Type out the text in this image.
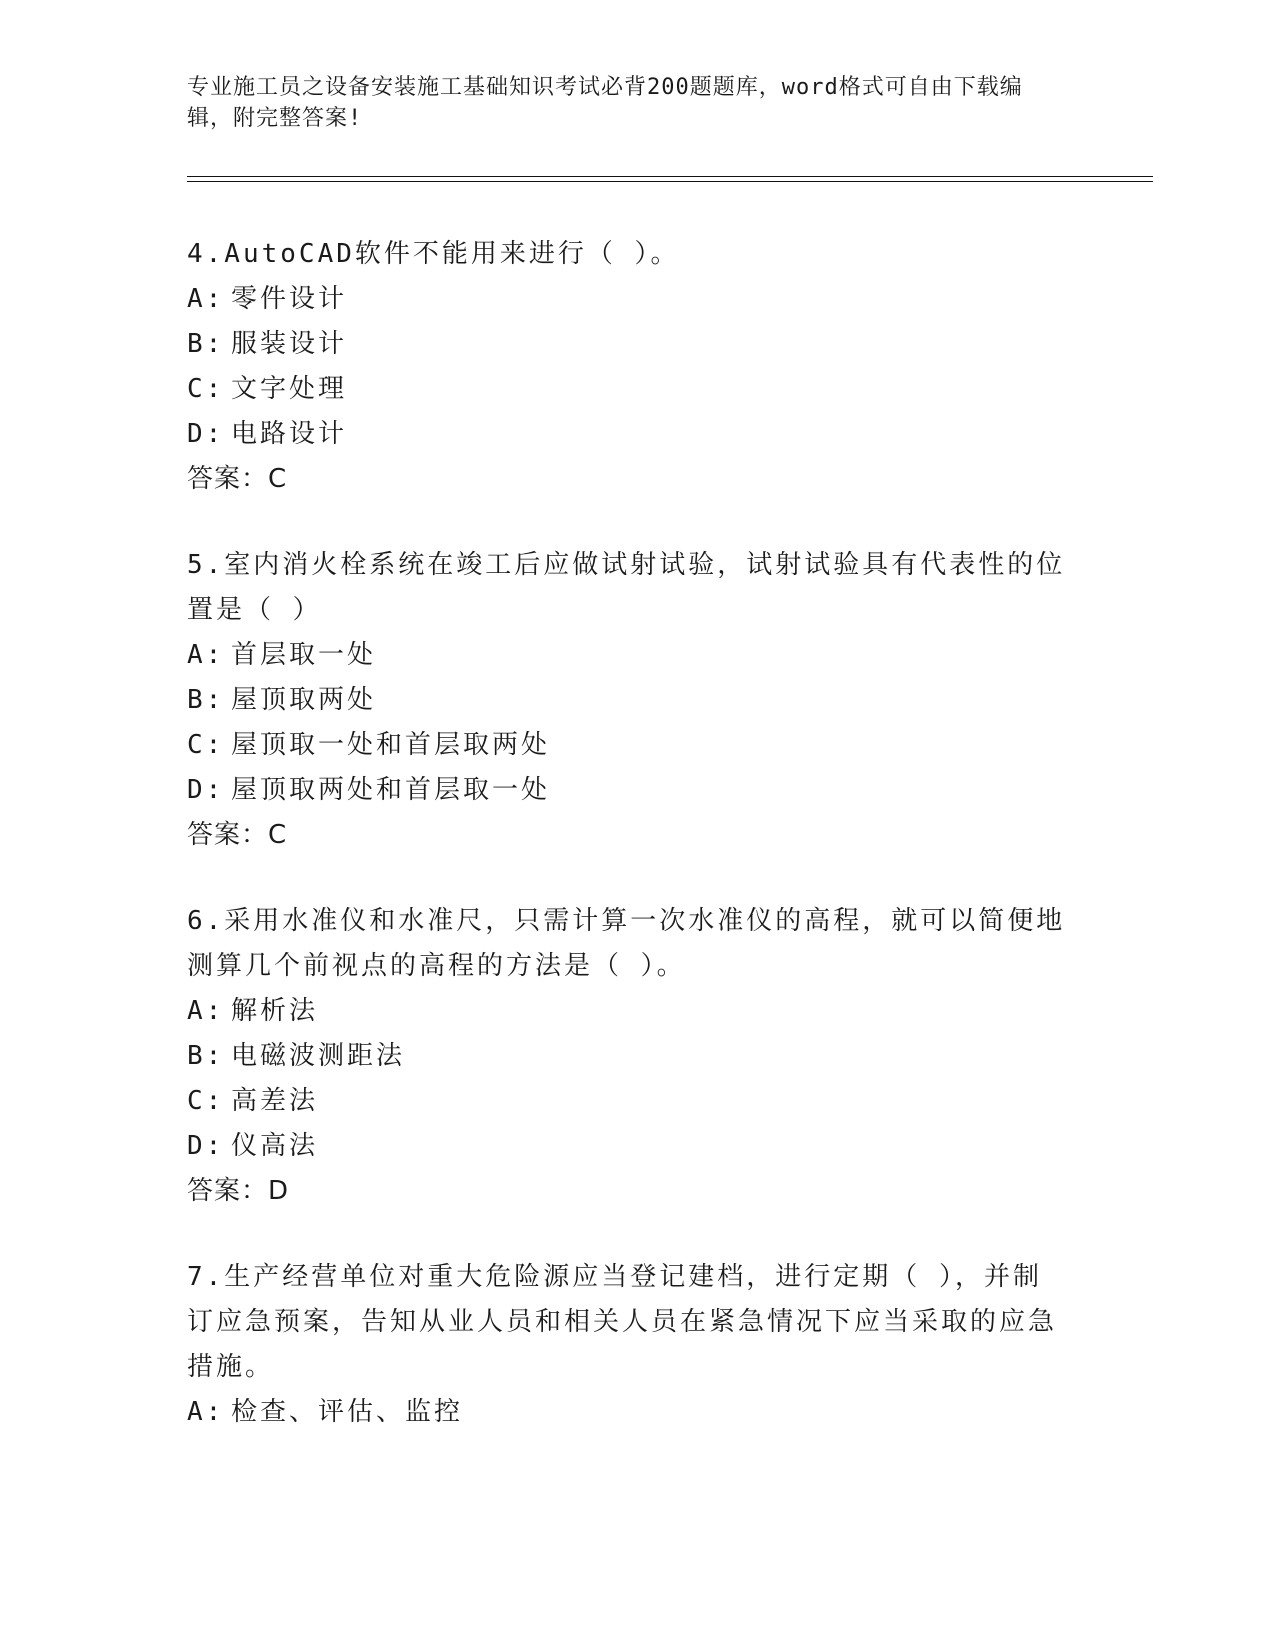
专业施工员之设备安装施工基础知识考试必背200题题库，word格式可自由下载编辑，附完整答案!
4.AutoCAD软件不能用来进行（ ）。
A: 零件设计
B: 服装设计
C: 文字处理
D: 电路设计
答案：C
5.室内消火栓系统在竣工后应做试射试验，试射试验具有代表性的位置是（ ）
A: 首层取一处
B: 屋顶取两处
C: 屋顶取一处和首层取两处
D: 屋顶取两处和首层取一处
答案：C
6.采用水准仪和水准尺，只需计算一次水准仪的高程，就可以简便地测算几个前视点的高程的方法是（ ）。
A: 解析法
B: 电磁波测距法
C: 高差法
D: 仪高法
答案：D
7.生产经营单位对重大危险源应当登记建档，进行定期（ ），并制订应急预案，告知从业人员和相关人员在紧急情况下应当采取的应急措施。
A: 检查、评估、监控
